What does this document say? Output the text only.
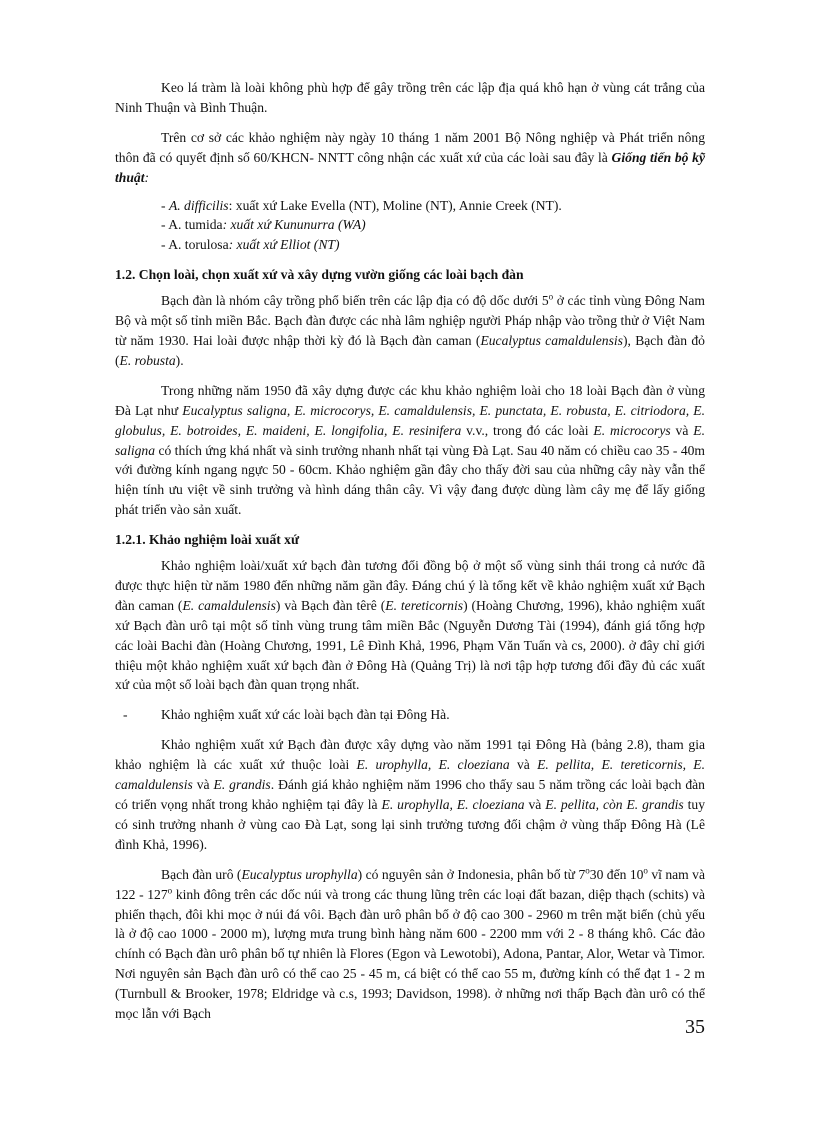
Keo lá tràm là loài không phù hợp để gây trồng trên các lập địa quá khô hạn ở vùng cát trắng của Ninh Thuận và Bình Thuận.

Trên cơ sở các khảo nghiệm này ngày 10 tháng 1 năm 2001 Bộ Nông nghiệp và Phát triển nông thôn đã có quyết định số 60/KHCN- NNTT công nhận các xuất xứ của các loài sau đây là Giống tiến bộ kỹ thuật:

- A. difficilis: xuất xứ Lake Evella (NT), Moline (NT), Annie Creek (NT).

- A. tumida: xuất xứ Kununurra (WA)

- A. torulosa: xuất xứ Elliot (NT)

1.2. Chọn loài, chọn xuất xứ và xây dựng vườn giống các loài bạch đàn

Bạch đàn là nhóm cây trồng phổ biến trên các lập địa có độ dốc dưới 5$^o$ ở các tỉnh vùng Đông Nam Bộ và một số tỉnh miền Bắc. Bạch đàn được các nhà lâm nghiệp người Pháp nhập vào trồng thử ở Việt Nam từ năm 1930. Hai loài được nhập thời kỳ đó là Bạch đàn caman (Eucalyptus camaldulensis), Bạch đàn đỏ (E. robusta).

Trong những năm 1950 đã xây dựng được các khu khảo nghiệm loài cho 18 loài Bạch đàn ở vùng Đà Lạt như Eucalyptus saligna, E. microcorys, E. camaldulensis, E. punctata, E. robusta, E. citriodora, E. globulus, E. botroides, E. maideni, E. longifolia, E. resinifera v.v., trong đó các loài E. microcorys và E. saligna có thích ứng khá nhất và sinh trưởng nhanh nhất tại vùng Đà Lạt. Sau 40 năm có chiều cao 35 - 40m với đường kính ngang ngực 50 - 60cm. Khảo nghiệm gần đây cho thấy đời sau của những cây này vẫn thể hiện tính ưu việt về sinh trưởng và hình dáng thân cây. Vì vậy đang được dùng làm cây mẹ để lấy giống phát triển vào sản xuất.

1.2.1. Khảo nghiệm loài xuất xứ

Khảo nghiệm loài/xuất xứ bạch đàn tương đối đồng bộ ở một số vùng sinh thái trong cả nước đã được thực hiện từ năm 1980 đến những năm gần đây. Đáng chú ý là tổng kết về khảo nghiệm xuất xứ Bạch đàn caman (E. camaldulensis) và Bạch đàn têrê (E. tereticornis) (Hoàng Chương, 1996), khảo nghiệm xuất xứ Bạch đàn urô tại một số tỉnh vùng trung tâm miền Bắc (Nguyễn Dương Tài (1994), đánh giá tổng hợp các loài Bachi đàn (Hoàng Chương, 1991, Lê Đình Khả, 1996, Phạm Văn Tuấn và cs, 2000). ở đây chỉ giới thiệu một khảo nghiệm xuất xứ bạch đàn ở Đông Hà (Quảng Trị) là nơi tập hợp tương đối đầy đủ các xuất xứ của một số loài bạch đàn quan trọng nhất.

- Khảo nghiệm xuất xứ các loài bạch đàn tại Đông Hà.

Khảo nghiệm xuất xứ Bạch đàn được xây dựng vào năm 1991 tại Đông Hà (bảng 2.8), tham gia khảo nghiệm là các xuất xứ thuộc loài E. urophylla, E. cloeziana và E. pellita, E. tereticornis, E. camaldulensis và E. grandis. Đánh giá khảo nghiệm năm 1996 cho thấy sau 5 năm trồng các loài bạch đàn có triển vọng nhất trong khảo nghiệm tại đây là E. urophylla, E. cloeziana và E. pellita, còn E. grandis tuy có sinh trưởng nhanh ở vùng cao Đà Lạt, song lại sinh trưởng tương đối chậm ở vùng thấp Đông Hà (Lê đình Khả, 1996).

Bạch đàn urô (Eucalyptus urophylla) có nguyên sản ở Indonesia, phân bố từ 7$^o$30 đến 10$^o$ vĩ nam và 122 - 127$^o$ kinh đông trên các dốc núi và trong các thung lũng trên các loại đất bazan, diệp thạch (schits) và phiến thạch, đôi khi mọc ở núi đá vôi. Bạch đàn urô phân bố ở độ cao 300 - 2960 m trên mặt biển (chủ yếu là ở độ cao 1000 - 2000 m), lượng mưa trung bình hàng năm 600 - 2200 mm với 2 - 8 tháng khô. Các đảo chính có Bạch đàn urô phân bố tự nhiên là Flores (Egon và Lewotobi), Adona, Pantar, Alor, Wetar và Timor. Nơi nguyên sản Bạch đàn urô có thể cao 25 - 45 m, cá biệt có thể cao 55 m, đường kính có thể đạt 1 - 2 m (Turnbull & Brooker, 1978; Eldridge và c.s, 1993; Davidson, 1998). ở những nơi thấp Bạch đàn urô có thể mọc lẫn với Bạch

35
